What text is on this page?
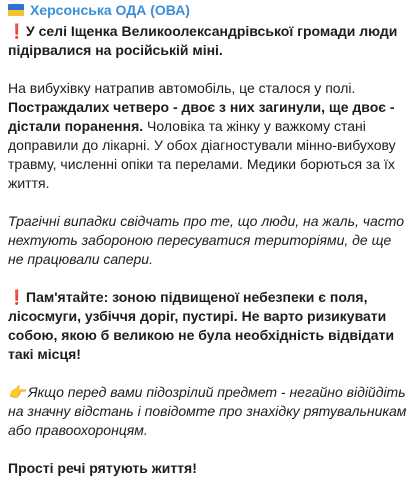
Херсонська ОДА (ОВА)

❗У селі Іщенка Великоолександрівської громади люди підірвалися на російській міні.

На вибухівку натрапив автомобіль, це сталося у полі. Постраждалих четверо - двоє з них загинули, ще двоє - дістали поранення. Чоловіка та жінку у важкому стані доправили до лікарні. У обох діагностували мінно-вибухову травму, численні опіки та перелами. Медики борються за їх життя.

Трагічні випадки свідчать про те, що люди, на жаль, часто нехтують забороною пересуватися територіями, де ще не працювали сапери.

❗Пам'ятайте: зоною підвищеної небезпеки є поля, лісосмуги, узбіччя доріг, пустирі. Не варто ризикувати собою, якою б великою не була необхідність відвідати такі місця!

👉 Якщо перед вами підозрілий предмет - негайно відійдіть на значну відстань і повідомте про знахідку рятувальникам або правоохоронцям.

Прості речі рятують життя!
